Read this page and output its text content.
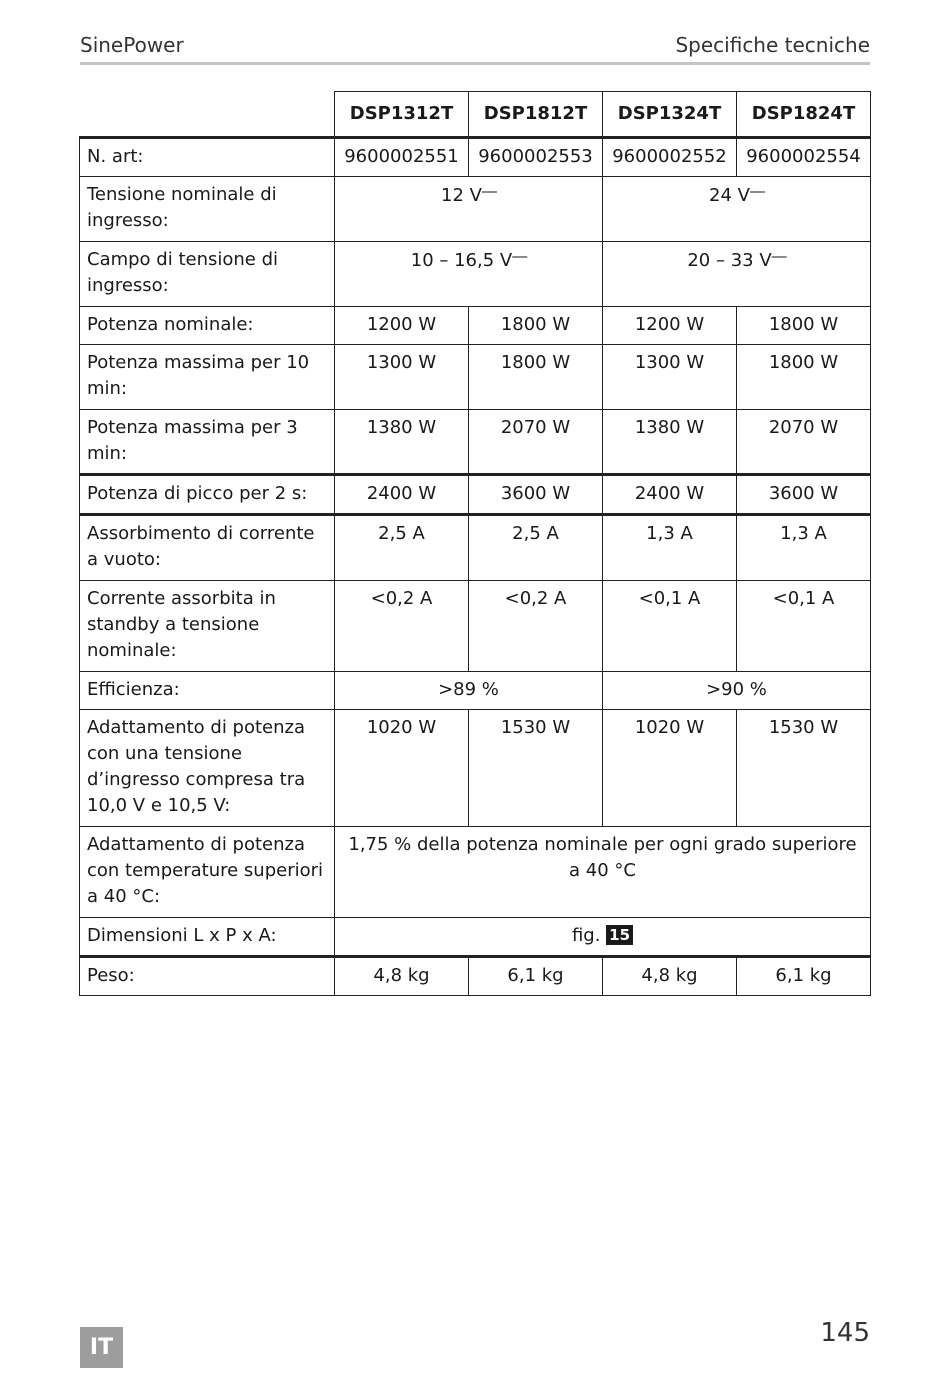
SinePower	Specifiche tecniche
	DSP1312T	DSP1812T	DSP1324T	DSP1824T
N. art:	9600002551	9600002553	9600002552	9600002554
Tensione nominale di ingresso:	12 V⎻		24 V⎻	
Campo di tensione di ingresso:	10 – 16,5 V⎻		20 – 33 V⎻	
Potenza nominale:	1200 W	1800 W	1200 W	1800 W
Potenza massima per 10 min:	1300 W	1800 W	1300 W	1800 W
Potenza massima per 3 min:	1380 W	2070 W	1380 W	2070 W
Potenza di picco per 2 s:	2400 W	3600 W	2400 W	3600 W
Assorbimento di corrente a vuoto:	2,5 A	2,5 A	1,3 A	1,3 A
Corrente assorbita in standby a tensione nominale:	<0,2 A	<0,2 A	<0,1 A	<0,1 A
Efficienza:	>89 %		>90 %	
Adattamento di potenza con una tensione d’ingresso compresa tra 10,0 V e 10,5 V:	1020 W	1530 W	1020 W	1530 W
Adattamento di potenza con temperature superiori a 40 °C:	1,75 % della potenza nominale per ogni grado superiore a 40 °C			
Dimensioni L x P x A:	fig. 15			
Peso:	4,8 kg	6,1 kg	4,8 kg	6,1 kg
IT	145
